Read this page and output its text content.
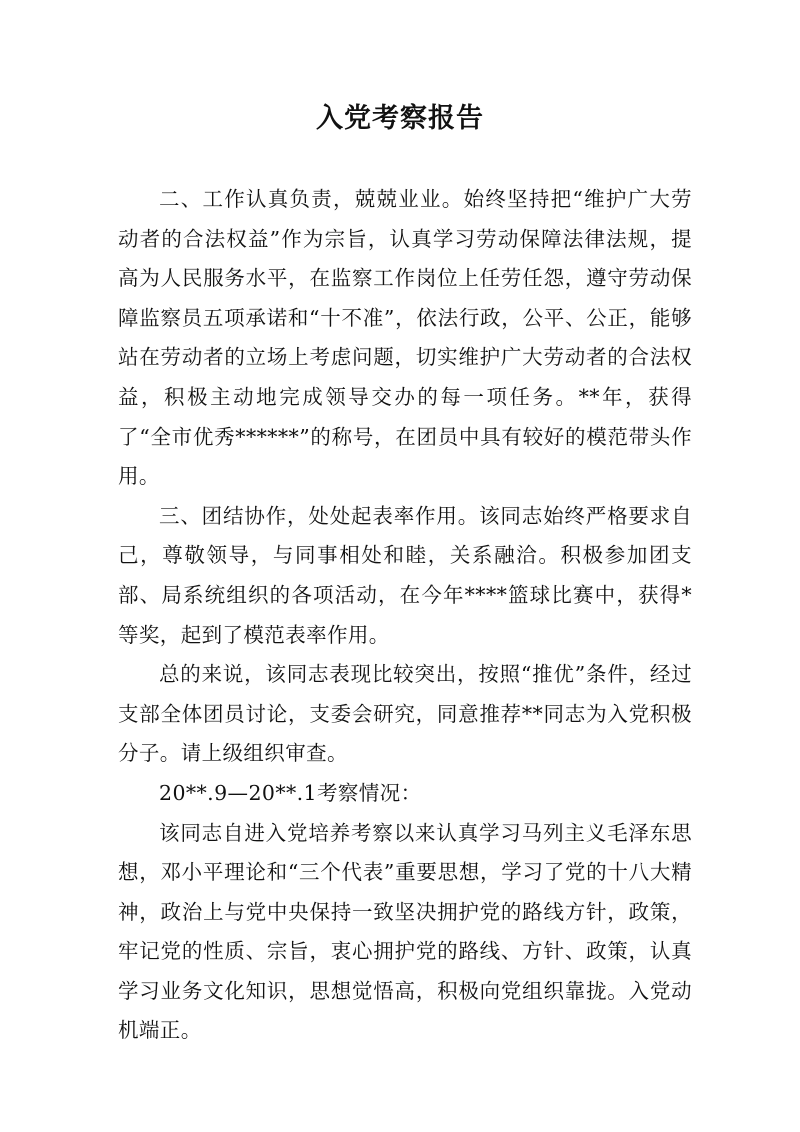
入党考察报告

二、工作认真负责，兢兢业业。始终坚持把“维护广大劳动者的合法权益”作为宗旨，认真学习劳动保障法律法规，提高为人民服务水平，在监察工作岗位上任劳任怨，遵守劳动保障监察员五项承诺和“十不准”，依法行政，公平、公正，能够站在劳动者的立场上考虑问题，切实维护广大劳动者的合法权益，积极主动地完成领导交办的每一项任务。**年，获得了“全市优秀******”的称号，在团员中具有较好的模范带头作用。

三、团结协作，处处起表率作用。该同志始终严格要求自己，尊敬领导，与同事相处和睦，关系融洽。积极参加团支部、局系统组织的各项活动，在今年****篮球比赛中，获得*等奖，起到了模范表率作用。

总的来说，该同志表现比较突出，按照“推优”条件，经过支部全体团员讨论，支委会研究，同意推荐**同志为入党积极分子。请上级组织审查。

20**.9—20**.1考察情况：

该同志自进入党培养考察以来认真学习马列主义毛泽东思想，邓小平理论和“三个代表”重要思想，学习了党的十八大精神，政治上与党中央保持一致坚决拥护党的路线方针，政策，牢记党的性质、宗旨，衷心拥护党的路线、方针、政策，认真学习业务文化知识，思想觉悟高，积极向党组织靠拢。入党动机端正。
